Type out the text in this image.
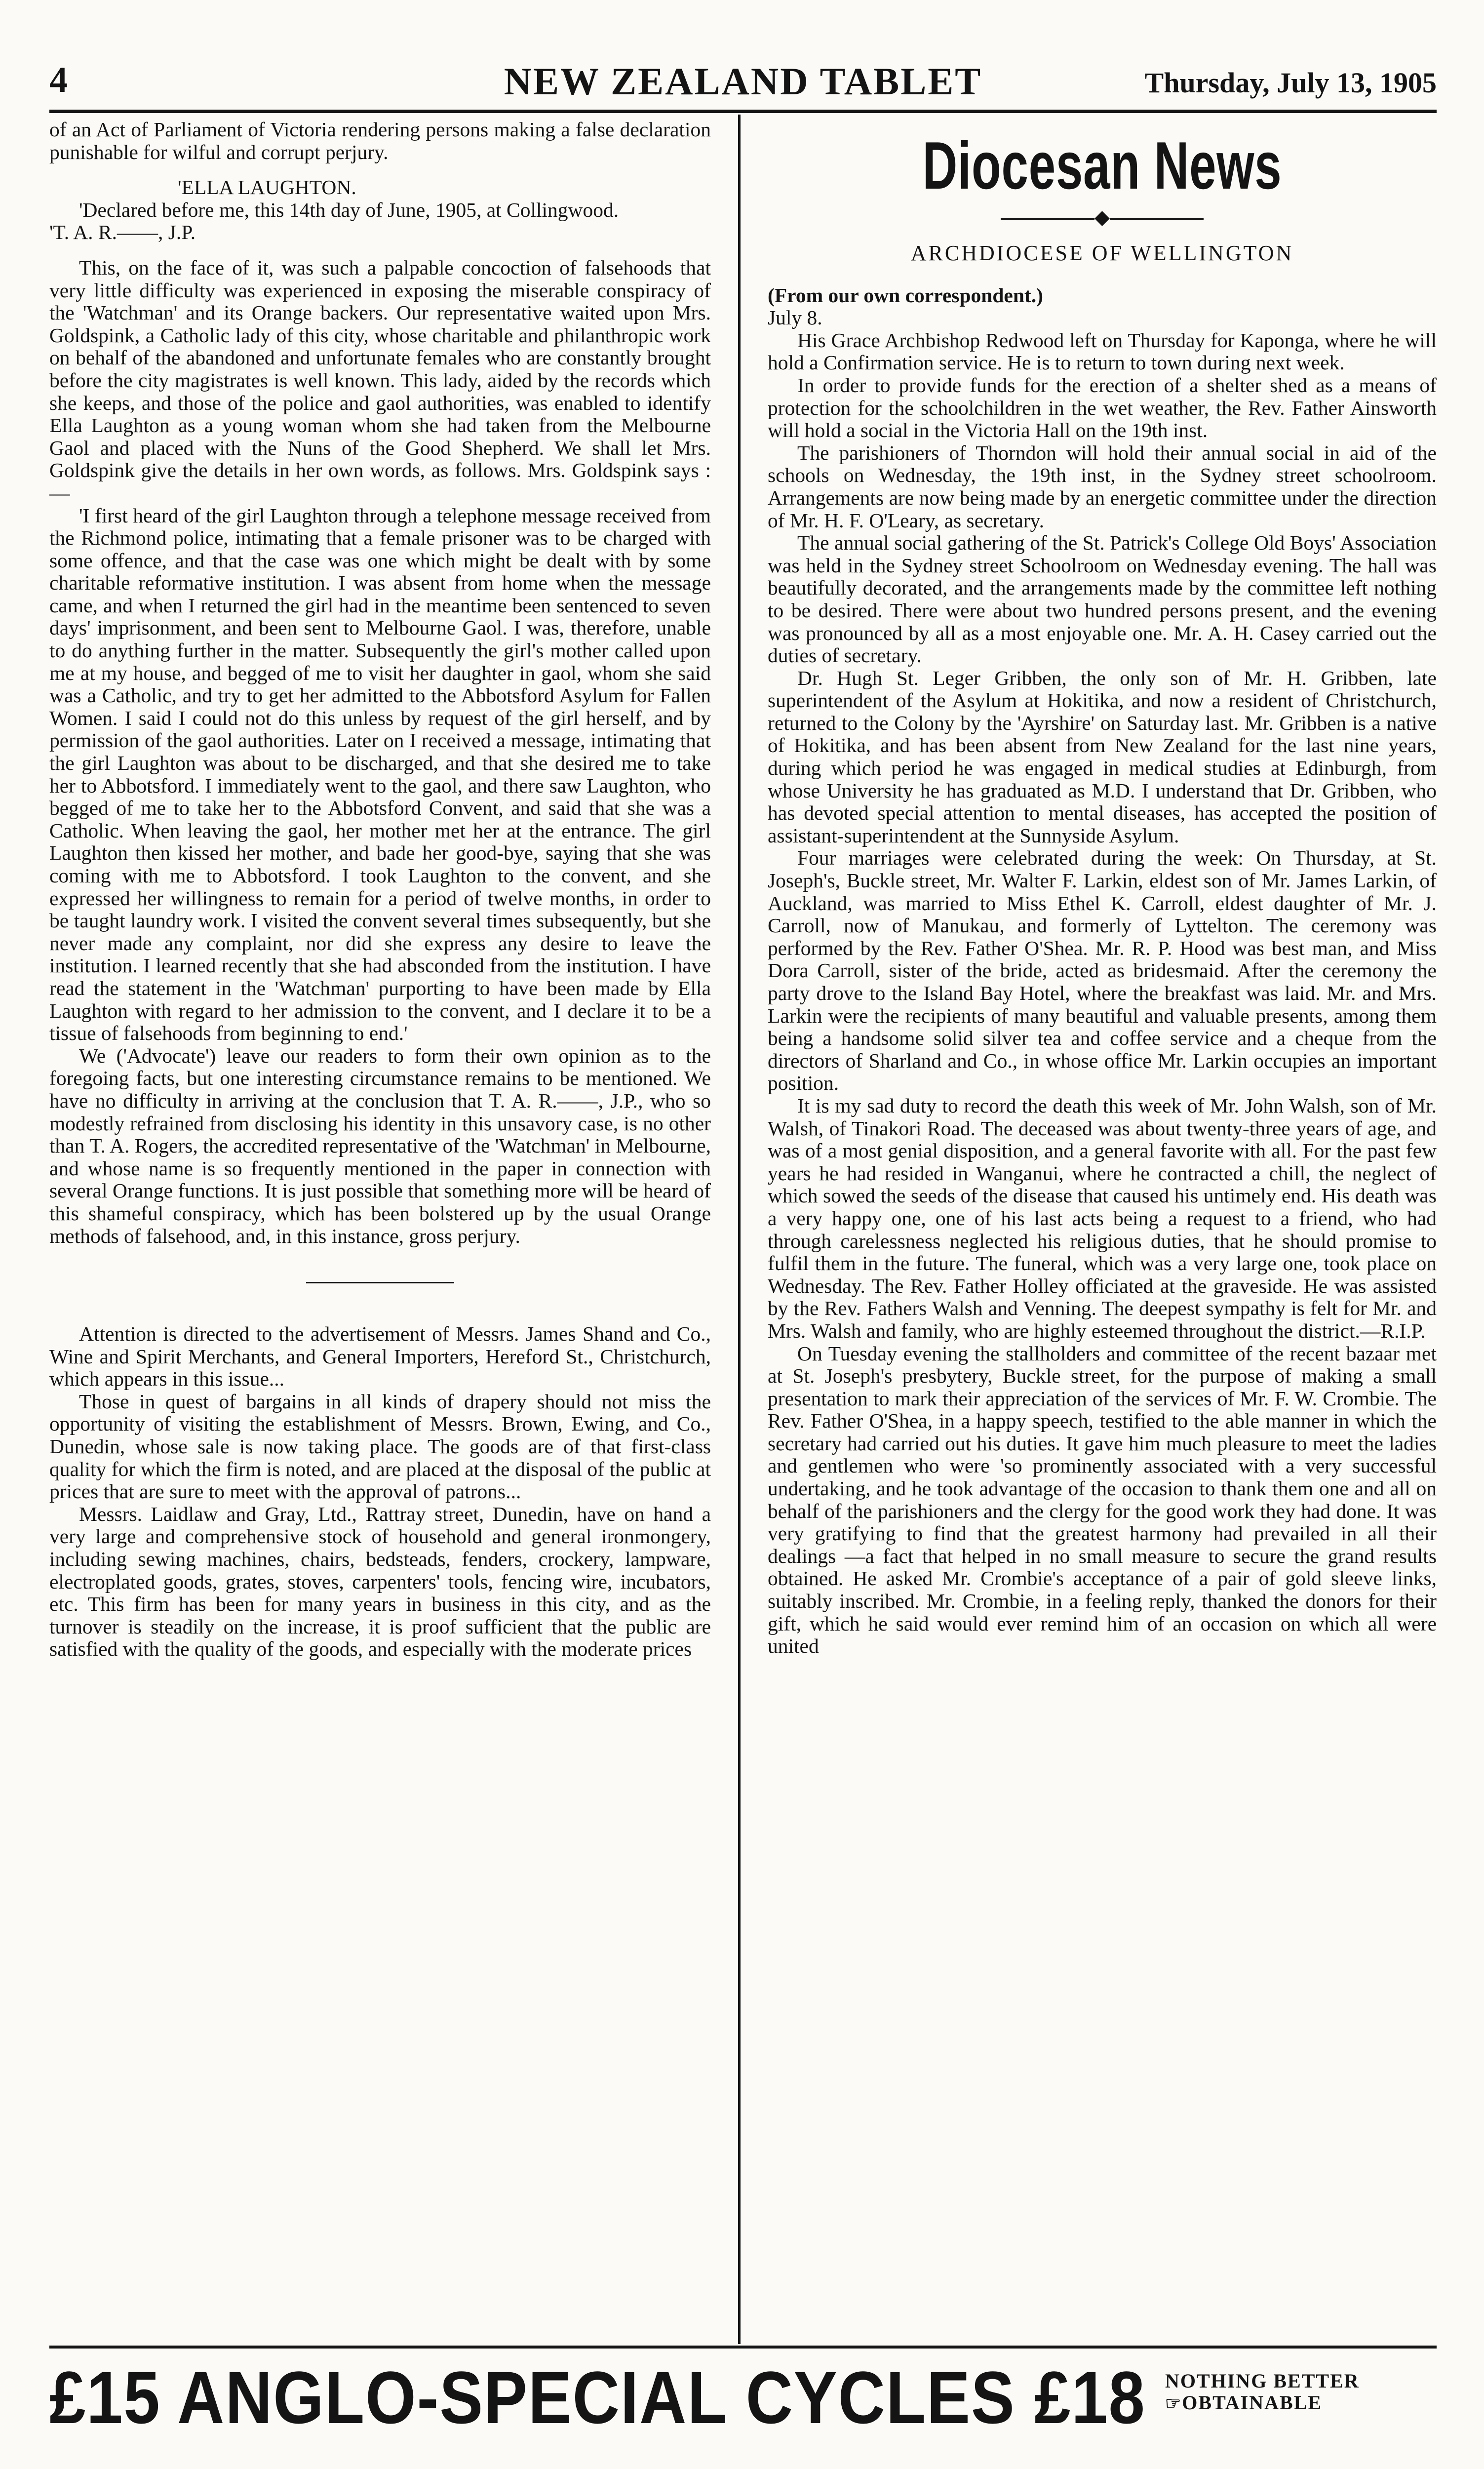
4	NEW ZEALAND TABLET	Thursday, July 13, 1905

of an Act of Parliament of Victoria rendering persons making a false declaration punishable for wilful and corrupt perjury.

'ELLA LAUGHTON.

'Declared before me, this 14th day of June, 1905, at Collingwood.

'T. A. R.——, J.P.

This, on the face of it, was such a palpable concoction of falsehoods that very little difficulty was experienced in exposing the miserable conspiracy of the 'Watchman' and its Orange backers. Our representative waited upon Mrs. Goldspink, a Catholic lady of this city, whose charitable and philanthropic work on behalf of the abandoned and unfortunate females who are constantly brought before the city magistrates is well known. This lady, aided by the records which she keeps, and those of the police and gaol authorities, was enabled to identify Ella Laughton as a young woman whom she had taken from the Melbourne Gaol and placed with the Nuns of the Good Shepherd. We shall let Mrs. Goldspink give the details in her own words, as follows. Mrs. Goldspink says :—

'I first heard of the girl Laughton through a telephone message received from the Richmond police, intimating that a female prisoner was to be charged with some offence, and that the case was one which might be dealt with by some charitable reformative institution. I was absent from home when the message came, and when I returned the girl had in the meantime been sentenced to seven days' imprisonment, and been sent to Melbourne Gaol. I was, therefore, unable to do anything further in the matter. Subsequently the girl's mother called upon me at my house, and begged of me to visit her daughter in gaol, whom she said was a Catholic, and try to get her admitted to the Abbotsford Asylum for Fallen Women. I said I could not do this unless by request of the girl herself, and by permission of the gaol authorities. Later on I received a message, intimating that the girl Laughton was about to be discharged, and that she desired me to take her to Abbotsford. I immediately went to the gaol, and there saw Laughton, who begged of me to take her to the Abbotsford Convent, and said that she was a Catholic. When leaving the gaol, her mother met her at the entrance. The girl Laughton then kissed her mother, and bade her good-bye, saying that she was coming with me to Abbotsford. I took Laughton to the convent, and she expressed her willingness to remain for a period of twelve months, in order to be taught laundry work. I visited the convent several times subsequently, but she never made any complaint, nor did she express any desire to leave the institution. I learned recently that she had absconded from the institution. I have read the statement in the 'Watchman' purporting to have been made by Ella Laughton with regard to her admission to the convent, and I declare it to be a tissue of falsehoods from beginning to end.'

We ('Advocate') leave our readers to form their own opinion as to the foregoing facts, but one interesting circumstance remains to be mentioned. We have no difficulty in arriving at the conclusion that T. A. R.——, J.P., who so modestly refrained from disclosing his identity in this unsavory case, is no other than T. A. Rogers, the accredited representative of the 'Watchman' in Melbourne, and whose name is so frequently mentioned in the paper in connection with several Orange functions. It is just possible that something more will be heard of this shameful conspiracy, which has been bolstered up by the usual Orange methods of falsehood, and, in this instance, gross perjury.

Attention is directed to the advertisement of Messrs. James Shand and Co., Wine and Spirit Merchants, and General Importers, Hereford St., Christchurch, which appears in this issue...

Those in quest of bargains in all kinds of drapery should not miss the opportunity of visiting the establishment of Messrs. Brown, Ewing, and Co., Dunedin, whose sale is now taking place. The goods are of that first-class quality for which the firm is noted, and are placed at the disposal of the public at prices that are sure to meet with the approval of patrons...

Messrs. Laidlaw and Gray, Ltd., Rattray street, Dunedin, have on hand a very large and comprehensive stock of household and general ironmongery, including sewing machines, chairs, bedsteads, fenders, crockery, lampware, electroplated goods, grates, stoves, carpenters' tools, fencing wire, incubators, etc. This firm has been for many years in business in this city, and as the turnover is steadily on the increase, it is proof sufficient that the public are satisfied with the quality of the goods, and especially with the moderate prices

Diocesan News
◆
ARCHDIOCESE OF WELLINGTON

(From our own correspondent.)

July 8.

His Grace Archbishop Redwood left on Thursday for Kaponga, where he will hold a Confirmation service. He is to return to town during next week.

In order to provide funds for the erection of a shelter shed as a means of protection for the schoolchildren in the wet weather, the Rev. Father Ainsworth will hold a social in the Victoria Hall on the 19th inst.

The parishioners of Thorndon will hold their annual social in aid of the schools on Wednesday, the 19th inst, in the Sydney street schoolroom. Arrangements are now being made by an energetic committee under the direction of Mr. H. F. O'Leary, as secretary.

The annual social gathering of the St. Patrick's College Old Boys' Association was held in the Sydney street Schoolroom on Wednesday evening. The hall was beautifully decorated, and the arrangements made by the committee left nothing to be desired. There were about two hundred persons present, and the evening was pronounced by all as a most enjoyable one. Mr. A. H. Casey carried out the duties of secretary.

Dr. Hugh St. Leger Gribben, the only son of Mr. H. Gribben, late superintendent of the Asylum at Hokitika, and now a resident of Christchurch, returned to the Colony by the 'Ayrshire' on Saturday last. Mr. Gribben is a native of Hokitika, and has been absent from New Zealand for the last nine years, during which period he was engaged in medical studies at Edinburgh, from whose University he has graduated as M.D. I understand that Dr. Gribben, who has devoted special attention to mental diseases, has accepted the position of assistant-superintendent at the Sunnyside Asylum.

Four marriages were celebrated during the week: On Thursday, at St. Joseph's, Buckle street, Mr. Walter F. Larkin, eldest son of Mr. James Larkin, of Auckland, was married to Miss Ethel K. Carroll, eldest daughter of Mr. J. Carroll, now of Manukau, and formerly of Lyttelton. The ceremony was performed by the Rev. Father O'Shea. Mr. R. P. Hood was best man, and Miss Dora Carroll, sister of the bride, acted as bridesmaid. After the ceremony the party drove to the Island Bay Hotel, where the breakfast was laid. Mr. and Mrs. Larkin were the recipients of many beautiful and valuable presents, among them being a handsome solid silver tea and coffee service and a cheque from the directors of Sharland and Co., in whose office Mr. Larkin occupies an important position.

It is my sad duty to record the death this week of Mr. John Walsh, son of Mr. Walsh, of Tinakori Road. The deceased was about twenty-three years of age, and was of a most genial disposition, and a general favorite with all. For the past few years he had resided in Wanganui, where he contracted a chill, the neglect of which sowed the seeds of the disease that caused his untimely end. His death was a very happy one, one of his last acts being a request to a friend, who had through carelessness neglected his religious duties, that he should promise to fulfil them in the future. The funeral, which was a very large one, took place on Wednesday. The Rev. Father Holley officiated at the graveside. He was assisted by the Rev. Fathers Walsh and Venning. The deepest sympathy is felt for Mr. and Mrs. Walsh and family, who are highly esteemed throughout the district.—R.I.P.

On Tuesday evening the stallholders and committee of the recent bazaar met at St. Joseph's presbytery, Buckle street, for the purpose of making a small presentation to mark their appreciation of the services of Mr. F. W. Crombie. The Rev. Father O'Shea, in a happy speech, testified to the able manner in which the secretary had carried out his duties. It gave him much pleasure to meet the ladies and gentlemen who were 'so prominently associated with a very successful undertaking, and he took advantage of the occasion to thank them one and all on behalf of the parishioners and the clergy for the good work they had done. It was very gratifying to find that the greatest harmony had prevailed in all their dealings —a fact that helped in no small measure to secure the grand results obtained. He asked Mr. Crombie's acceptance of a pair of gold sleeve links, suitably inscribed. Mr. Crombie, in a feeling reply, thanked the donors for their gift, which he said would ever remind him of an occasion on which all were united

£15 ANGLO-SPECIAL CYCLES £18 NOTHING BETTER
☞OBTAINABLE
